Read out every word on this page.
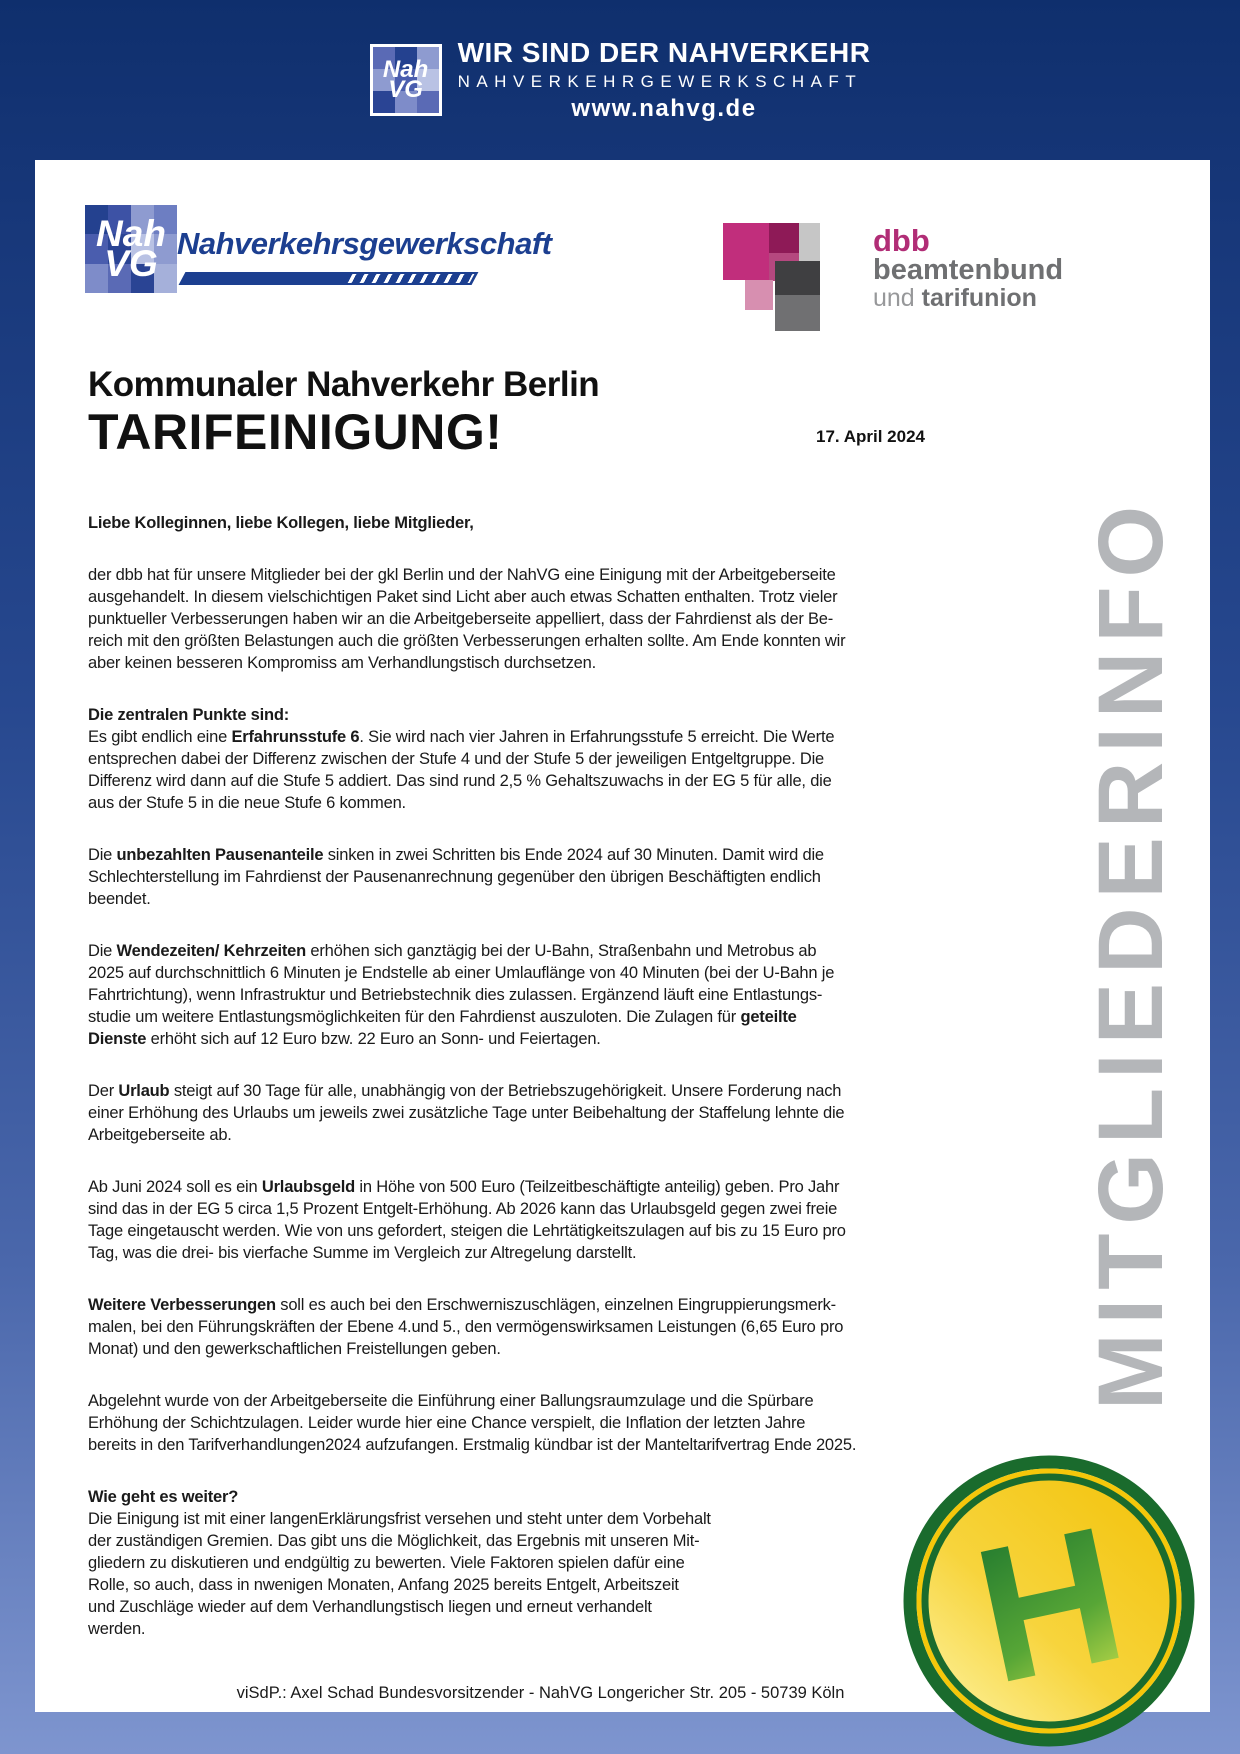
Nah
VG
WIR SIND DER NAHVERKEHR
NAHVERKEHRGEWERKSCHAFT
www.nahvg.de
Nah
VG Nahverkehrsgewerkschaft	dbb
beamtenbund
und tarifunion
Kommunaler Nahverkehr Berlin
TARIFEINIGUNG!	17. April 2024
Liebe Kolleginnen, liebe Kollegen, liebe Mitglieder,
der dbb hat für unsere Mitglieder bei der gkl Berlin und der NahVG eine Einigung mit der Arbeitgeberseite
ausgehandelt. In diesem vielschichtigen Paket sind Licht aber auch etwas Schatten enthalten. Trotz vieler
punktueller Verbesserungen haben wir an die Arbeitgeberseite appelliert, dass der Fahrdienst als der Be-
reich mit den größten Belastungen auch die größten Verbesserungen erhalten sollte. Am Ende konnten wir
aber keinen besseren Kompromiss am Verhandlungstisch durchsetzen.
Die zentralen Punkte sind:
Es gibt endlich eine Erfahrunsstufe 6. Sie wird nach vier Jahren in Erfahrungsstufe 5 erreicht. Die Werte
entsprechen dabei der Differenz zwischen der Stufe 4 und der Stufe 5 der jeweiligen Entgeltgruppe. Die
Differenz wird dann auf die Stufe 5 addiert. Das sind rund 2,5 % Gehaltszuwachs in der EG 5 für alle, die
aus der Stufe 5 in die neue Stufe 6 kommen.
Die unbezahlten Pausenanteile sinken in zwei Schritten bis Ende 2024 auf 30 Minuten. Damit wird die
Schlechterstellung im Fahrdienst der Pausenanrechnung gegenüber den übrigen Beschäftigten endlich
beendet.
Die Wendezeiten/ Kehrzeiten erhöhen sich ganztägig bei der U-Bahn, Straßenbahn und Metrobus ab
2025 auf durchschnittlich 6 Minuten je Endstelle ab einer Umlauflänge von 40 Minuten (bei der U-Bahn je
Fahrtrichtung), wenn Infrastruktur und Betriebstechnik dies zulassen. Ergänzend läuft eine Entlastungs-
studie um weitere Entlastungsmöglichkeiten für den Fahrdienst auszuloten. Die Zulagen für geteilte
Dienste erhöht sich auf 12 Euro bzw. 22 Euro an Sonn- und Feiertagen.
Der Urlaub steigt auf 30 Tage für alle, unabhängig von der Betriebszugehörigkeit. Unsere Forderung nach
einer Erhöhung des Urlaubs um jeweils zwei zusätzliche Tage unter Beibehaltung der Staffelung lehnte die
Arbeitgeberseite ab.
Ab Juni 2024 soll es ein Urlaubsgeld in Höhe von 500 Euro (Teilzeitbeschäftigte anteilig) geben. Pro Jahr
sind das in der EG 5 circa 1,5 Prozent Entgelt-Erhöhung. Ab 2026 kann das Urlaubsgeld gegen zwei freie
Tage eingetauscht werden. Wie von uns gefordert, steigen die Lehrtätigkeitszulagen auf bis zu 15 Euro pro
Tag, was die drei- bis vierfache Summe im Vergleich zur Altregelung darstellt.
Weitere Verbesserungen soll es auch bei den Erschwerniszuschlägen, einzelnen Eingruppierungsmerk-
malen, bei den Führungskräften der Ebene 4.und 5., den vermögenswirksamen Leistungen (6,65 Euro pro
Monat) und den gewerkschaftlichen Freistellungen geben.
Abgelehnt wurde von der Arbeitgeberseite die Einführung einer Ballungsraumzulage und die Spürbare
Erhöhung der Schichtzulagen. Leider wurde hier eine Chance verspielt, die Inflation der letzten Jahre
bereits in den Tarifverhandlungen2024 aufzufangen. Erstmalig kündbar ist der Manteltarifvertrag Ende 2025.
Wie geht es weiter?
Die Einigung ist mit einer langenErklärungsfrist versehen und steht unter dem Vorbehalt
der zuständigen Gremien. Das gibt uns die Möglichkeit, das Ergebnis mit unseren Mit-
gliedern zu diskutieren und endgültig zu bewerten. Viele Faktoren spielen dafür eine
Rolle, so auch, dass in nwenigen Monaten, Anfang 2025 bereits Entgelt, Arbeitszeit
und Zuschläge wieder auf dem Verhandlungstisch liegen und erneut verhandelt
werden.
viSdP.: Axel Schad Bundesvorsitzender - NahVG Longericher Str. 205 - 50739 Köln
MITGLIEDERINFO
H
